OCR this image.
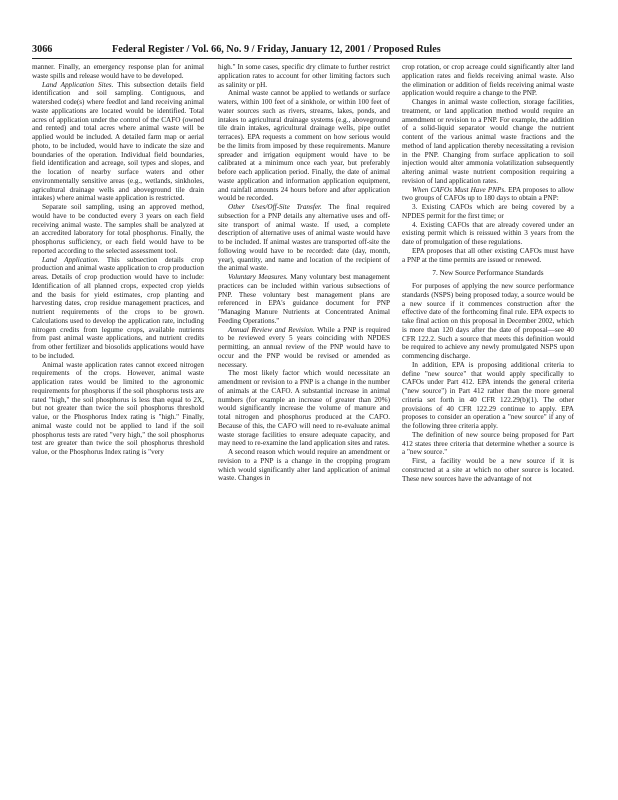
3066	Federal Register / Vol. 66, No. 9 / Friday, January 12, 2001 / Proposed Rules

manner. Finally, an emergency response plan for animal waste spills and release would have to be developed.

Land Application Sites. This subsection details field identification and soil sampling. Contiguous, and watershed code(s) where feedlot and land receiving animal waste applications are located would be identified. Total acres of application under the control of the CAFO (owned and rented) and total acres where animal waste will be applied would be included. A detailed farm map or aerial photo, to be included, would have to indicate the size and boundaries of the operation. Individual field boundaries, field identification and acreage, soil types and slopes, and the location of nearby surface waters and other environmentally sensitive areas (e.g., wetlands, sinkholes, agricultural drainage wells and aboveground tile drain intakes) where animal waste application is restricted.

Separate soil sampling, using an approved method, would have to be conducted every 3 years on each field receiving animal waste. The samples shall be analyzed at an accredited laboratory for total phosphorus. Finally, the phosphorus sufficiency, or each field would have to be reported according to the selected assessment tool.

Land Application. This subsection details crop production and animal waste application to crop production areas. Details of crop production would have to include: Identification of all planned crops, expected crop yields and the basis for yield estimates, crop planting and harvesting dates, crop residue management practices, and nutrient requirements of the crops to be grown. Calculations used to develop the application rate, including nitrogen credits from legume crops, available nutrients from past animal waste applications, and nutrient credits from other fertilizer and biosolids applications would have to be included.

Animal waste application rates cannot exceed nitrogen requirements of the crops. However, animal waste application rates would be limited to the agronomic requirements for phosphorus if the soil phosphorus tests are rated "high," the soil phosphorus is less than equal to 2X, but not greater than twice the soil phosphorus threshold value, or the Phosphorus Index rating is "high." Finally, animal waste could not be applied to land if the soil phosphorus tests are rated "very high," the soil phosphorus test are greater than twice the soil phosphorus threshold value, or the Phosphorus Index rating is "very

high." In some cases, specific dry climate to further restrict application rates to account for other limiting factors such as salinity or pH.

Animal waste cannot be applied to wetlands or surface waters, within 100 feet of a sinkhole, or within 100 feet of water sources such as rivers, streams, lakes, ponds, and intakes to agricultural drainage systems (e.g., aboveground tile drain intakes, agricultural drainage wells, pipe outlet terraces). EPA requests a comment on how serious would be the limits from imposed by these requirements. Manure spreader and irrigation equipment would have to be calibrated at a minimum once each year, but preferably before each application period. Finally, the date of animal waste application and information application equipment, and rainfall amounts 24 hours before and after application would be recorded.

Other Uses/Off-Site Transfer. The final required subsection for a PNP details any alternative uses and off-site transport of animal waste. If used, a complete description of alternative uses of animal waste would have to be included. If animal wastes are transported off-site the following would have to be recorded: date (day, month, year), quantity, and name and location of the recipient of the animal waste.

Voluntary Measures. Many voluntary best management practices can be included within various subsections of PNP. These voluntary best management plans are referenced in EPA's guidance document for PNP "Managing Manure Nutrients at Concentrated Animal Feeding Operations."

Annual Review and Revision. While a PNP is required to be reviewed every 5 years coinciding with NPDES permitting, an annual review of the PNP would have to occur and the PNP would be revised or amended as necessary.

The most likely factor which would necessitate an amendment or revision to a PNP is a change in the number of animals at the CAFO. A substantial increase in animal numbers (for example an increase of greater than 20%) would significantly increase the volume of manure and total nitrogen and phosphorus produced at the CAFO. Because of this, the CAFO will need to re-evaluate animal waste storage facilities to ensure adequate capacity, and may need to re-examine the land application sites and rates.

A second reason which would require an amendment or revision to a PNP is a change in the cropping program which would significantly alter land application of animal waste. Changes in

crop rotation, or crop acreage could significantly alter land application rates and fields receiving animal waste. Also the elimination or addition of fields receiving animal waste application would require a change to the PNP.

Changes in animal waste collection, storage facilities, treatment, or land application method would require an amendment or revision to a PNP. For example, the addition of a solid-liquid separator would change the nutrient content of the various animal waste fractions and the method of land application thereby necessitating a revision in the PNP. Changing from surface application to soil injection would alter ammonia volatilization subsequently altering animal waste nutrient composition requiring a revision of land application rates.

When CAFOs Must Have PNPs. EPA proposes to allow two groups of CAFOs up to 180 days to obtain a PNP:

3. Existing CAFOs which are being covered by a NPDES permit for the first time; or

4. Existing CAFOs that are already covered under an existing permit which is reissued within 3 years from the date of promulgation of these regulations.

EPA proposes that all other existing CAFOs must have a PNP at the time permits are issued or renewed.

7. New Source Performance Standards

For purposes of applying the new source performance standards (NSPS) being proposed today, a source would be a new source if it commences construction after the effective date of the forthcoming final rule. EPA expects to take final action on this proposal in December 2002, which is more than 120 days after the date of proposal—see 40 CFR 122.2. Such a source that meets this definition would be required to achieve any newly promulgated NSPS upon commencing discharge.

In addition, EPA is proposing additional criteria to define "new source" that would apply specifically to CAFOs under Part 412. EPA intends the general criteria ("new source") in Part 412 rather than the more general criteria set forth in 40 CFR 122.29(b)(1). The other provisions of 40 CFR 122.29 continue to apply. EPA proposes to consider an operation a "new source" if any of the following three criteria apply.

The definition of new source being proposed for Part 412 states three criteria that determine whether a source is a "new source."

First, a facility would be a new source if it is constructed at a site at which no other source is located. These new sources have the advantage of not
